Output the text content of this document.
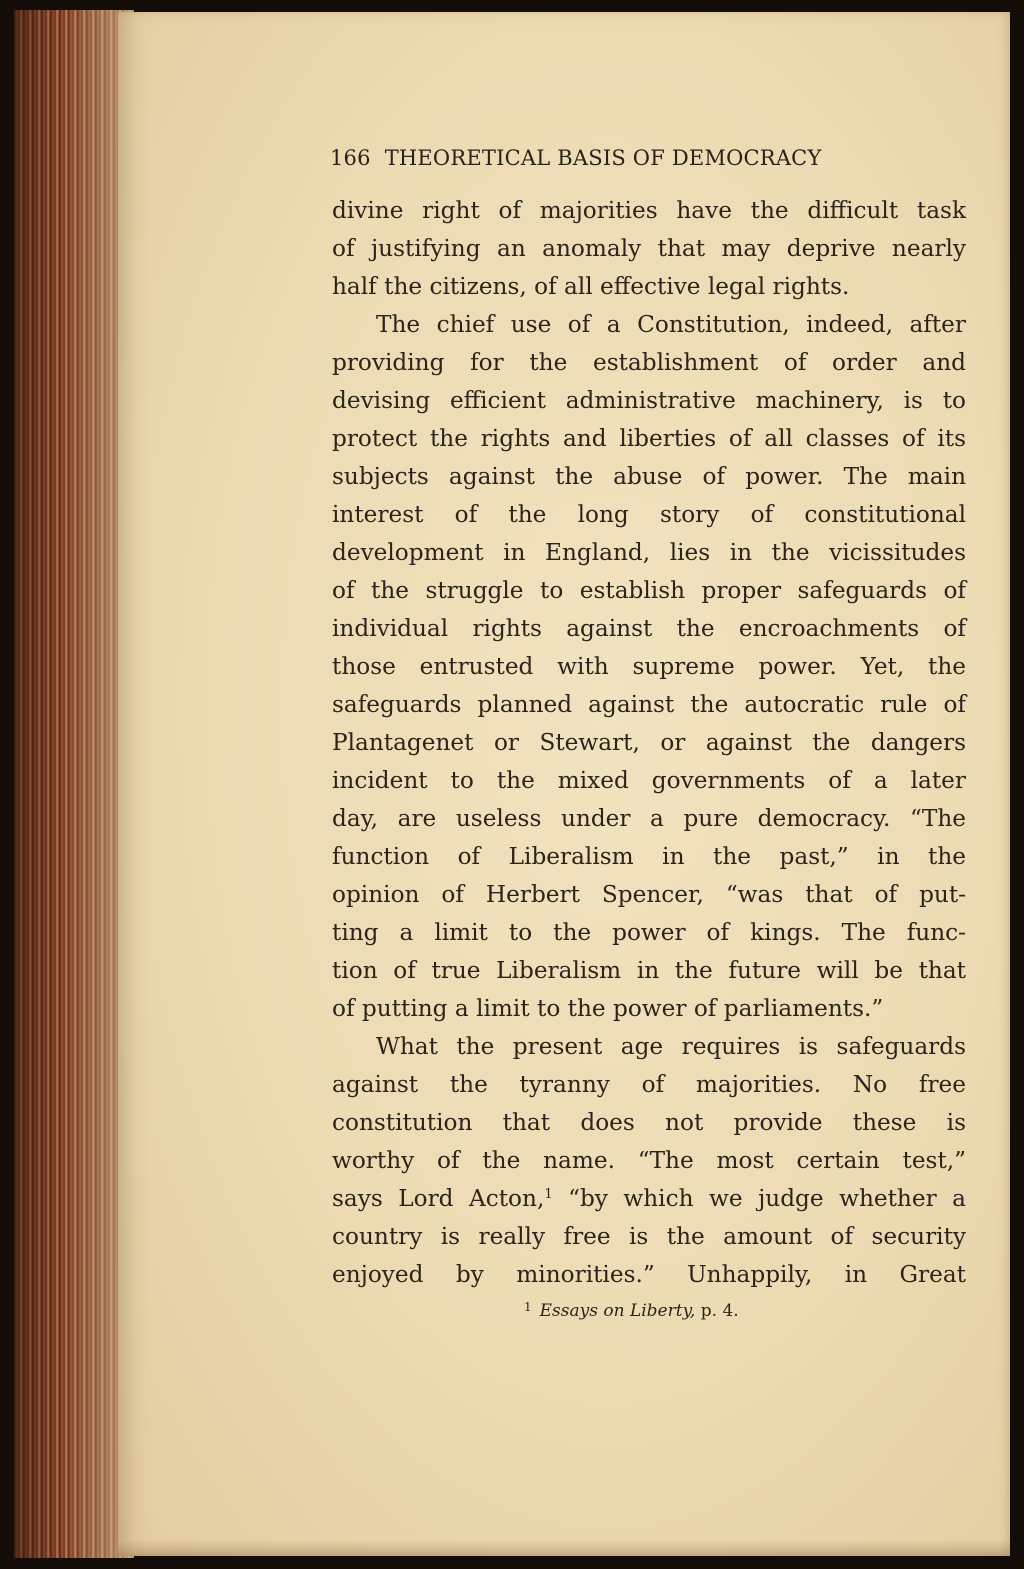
166 THEORETICAL BASIS OF DEMOCRACY
divine right of majorities have the difficult task
of justifying an anomaly that may deprive nearly
half the citizens, of all effective legal rights.
The chief use of a Constitution, indeed, after
providing for the establishment of order and
devising efficient administrative machinery, is to
protect the rights and liberties of all classes of its
subjects against the abuse of power. The main
interest of the long story of constitutional
development in England, lies in the vicissitudes
of the struggle to establish proper safeguards of
individual rights against the encroachments of
those entrusted with supreme power. Yet, the
safeguards planned against the autocratic rule of
Plantagenet or Stewart, or against the dangers
incident to the mixed governments of a later
day, are useless under a pure democracy. “The
function of Liberalism in the past,” in the
opinion of Herbert Spencer, “was that of put-
ting a limit to the power of kings. The func-
tion of true Liberalism in the future will be that
of putting a limit to the power of parliaments.”
What the present age requires is safeguards
against the tyranny of majorities. No free
constitution that does not provide these is
worthy of the name. “The most certain test,”
says Lord Acton,$^1$ “by which we judge whether a
country is really free is the amount of security
enjoyed by minorities.” Unhappily, in Great
$^1$ Essays on Liberty, p. 4.
